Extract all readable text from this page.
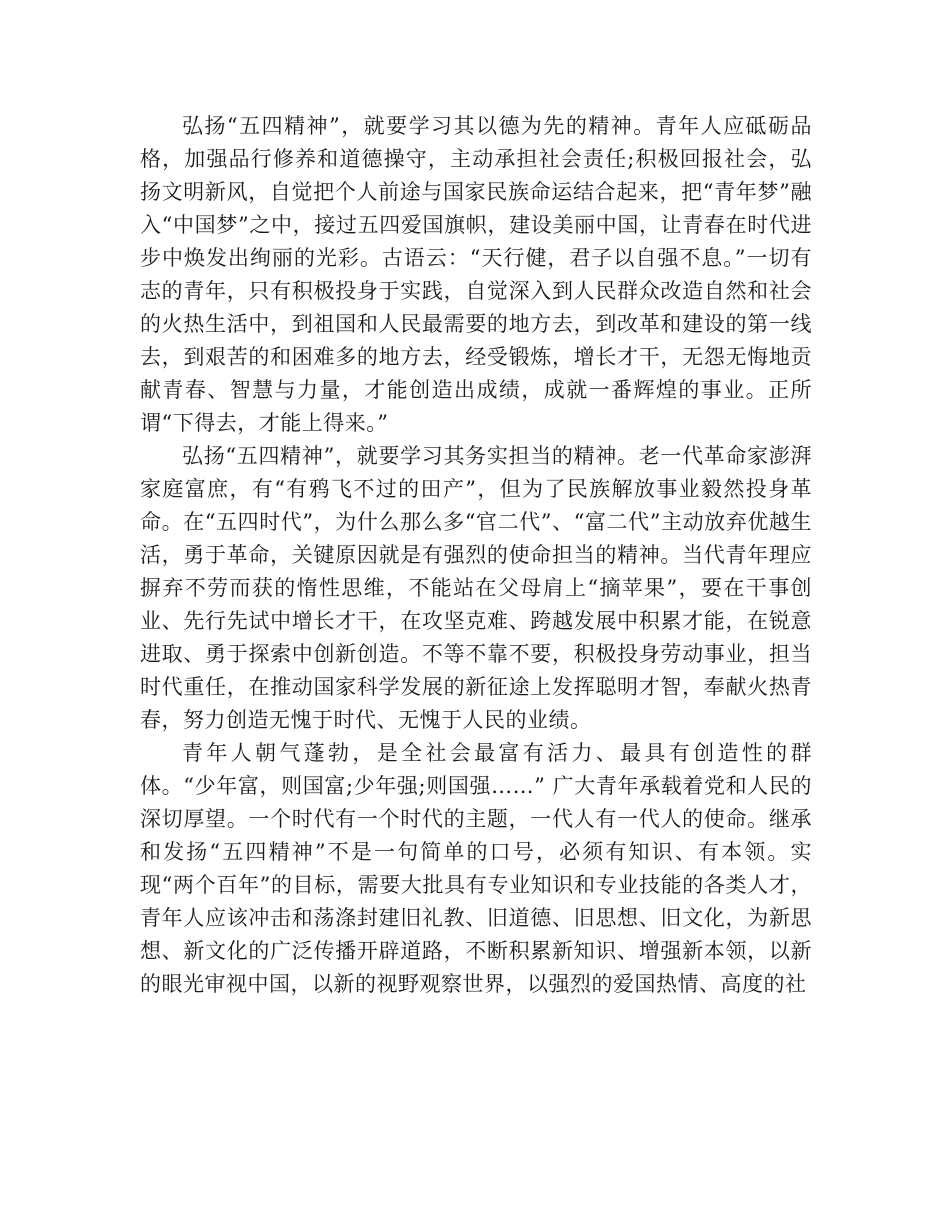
弘扬“五四精神”，就要学习其以德为先的精神。青年人应砥砺品格，加强品行修养和道德操守，主动承担社会责任;积极回报社会，弘扬文明新风，自觉把个人前途与国家民族命运结合起来，把“青年梦”融入“中国梦”之中，接过五四爱国旗帜，建设美丽中国，让青春在时代进步中焕发出绚丽的光彩。古语云：“天行健，君子以自强不息。”一切有志的青年，只有积极投身于实践，自觉深入到人民群众改造自然和社会的火热生活中，到祖国和人民最需要的地方去，到改革和建设的第一线去，到艰苦的和困难多的地方去，经受锻炼，增长才干，无怨无悔地贡献青春、智慧与力量，才能创造出成绩，成就一番辉煌的事业。正所谓“下得去，才能上得来。”

弘扬“五四精神”，就要学习其务实担当的精神。老一代革命家澎湃家庭富庶，有“有鸦飞不过的田产”，但为了民族解放事业毅然投身革命。在“五四时代”，为什么那么多“官二代”、“富二代”主动放弃优越生活，勇于革命，关键原因就是有强烈的使命担当的精神。当代青年理应摒弃不劳而获的惰性思维，不能站在父母肩上“摘苹果”，要在干事创业、先行先试中增长才干，在攻坚克难、跨越发展中积累才能，在锐意进取、勇于探索中创新创造。不等不靠不要，积极投身劳动事业，担当时代重任，在推动国家科学发展的新征途上发挥聪明才智，奉献火热青春，努力创造无愧于时代、无愧于人民的业绩。

青年人朝气蓬勃，是全社会最富有活力、最具有创造性的群体。“少年富，则国富;少年强;则国强……” 广大青年承载着党和人民的深切厚望。一个时代有一个时代的主题，一代人有一代人的使命。继承和发扬“五四精神”不是一句简单的口号，必须有知识、有本领。实现“两个百年”的目标，需要大批具有专业知识和专业技能的各类人才，青年人应该冲击和荡涤封建旧礼教、旧道德、旧思想、旧文化，为新思想、新文化的广泛传播开辟道路，不断积累新知识、增强新本领，以新的眼光审视中国，以新的视野观察世界，以强烈的爱国热情、高度的社
